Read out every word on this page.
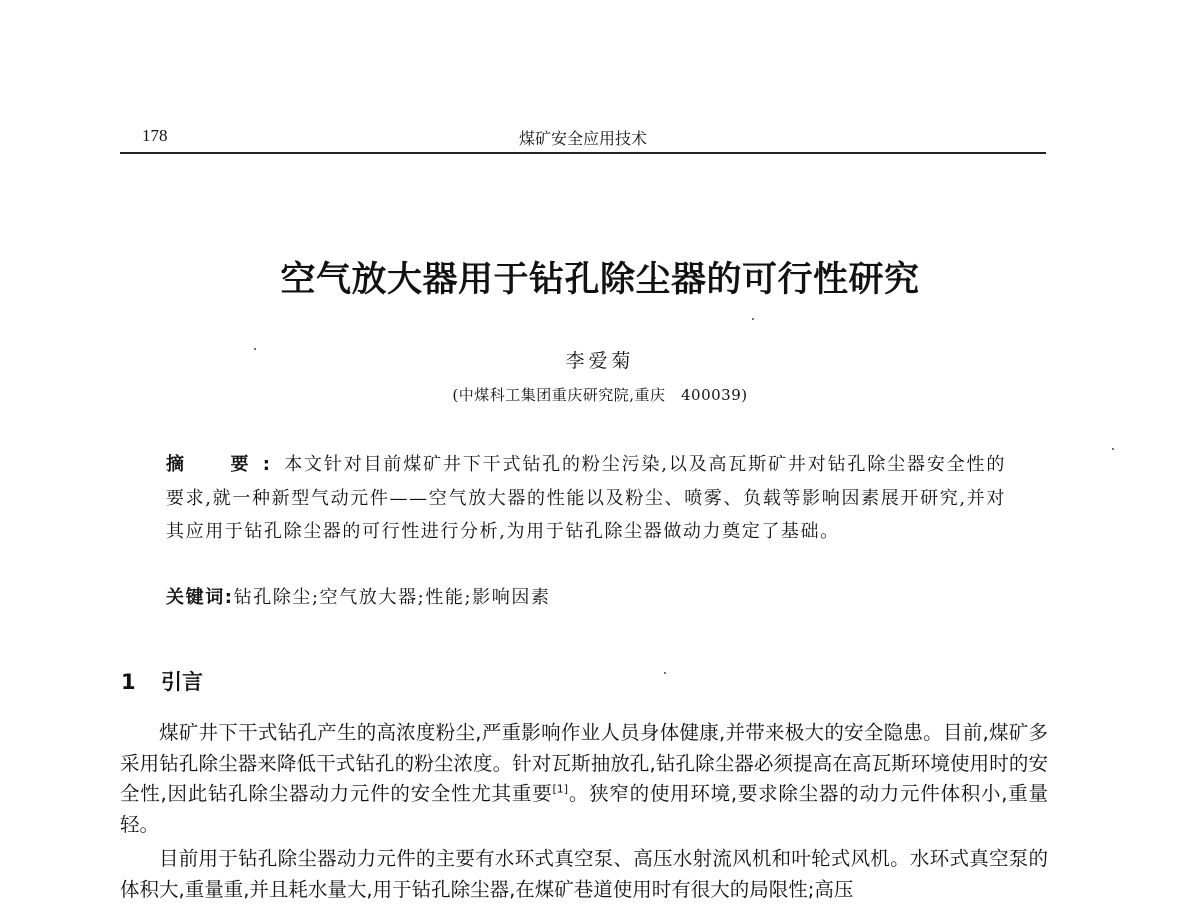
178	煤矿安全应用技术
空气放大器用于钻孔除尘器的可行性研究
李爱菊
(中煤科工集团重庆研究院,重庆　400039)
摘　要:本文针对目前煤矿井下干式钻孔的粉尘污染,以及高瓦斯矿井对钻孔除尘器安全性的要求,就一种新型气动元件——空气放大器的性能以及粉尘、喷雾、负载等影响因素展开研究,并对其应用于钻孔除尘器的可行性进行分析,为用于钻孔除尘器做动力奠定了基础。
关键词:钻孔除尘;空气放大器;性能;影响因素
1 引言

煤矿井下干式钻孔产生的高浓度粉尘,严重影响作业人员身体健康,并带来极大的安全隐患。目前,煤矿多采用钻孔除尘器来降低干式钻孔的粉尘浓度。针对瓦斯抽放孔,钻孔除尘器必须提高在高瓦斯环境使用时的安全性,因此钻孔除尘器动力元件的安全性尤其重要[1]。狭窄的使用环境,要求除尘器的动力元件体积小,重量轻。

目前用于钻孔除尘器动力元件的主要有水环式真空泵、高压水射流风机和叶轮式风机。水环式真空泵的体积大,重量重,并且耗水量大,用于钻孔除尘器,在煤矿巷道使用时有很大的局限性;高压
